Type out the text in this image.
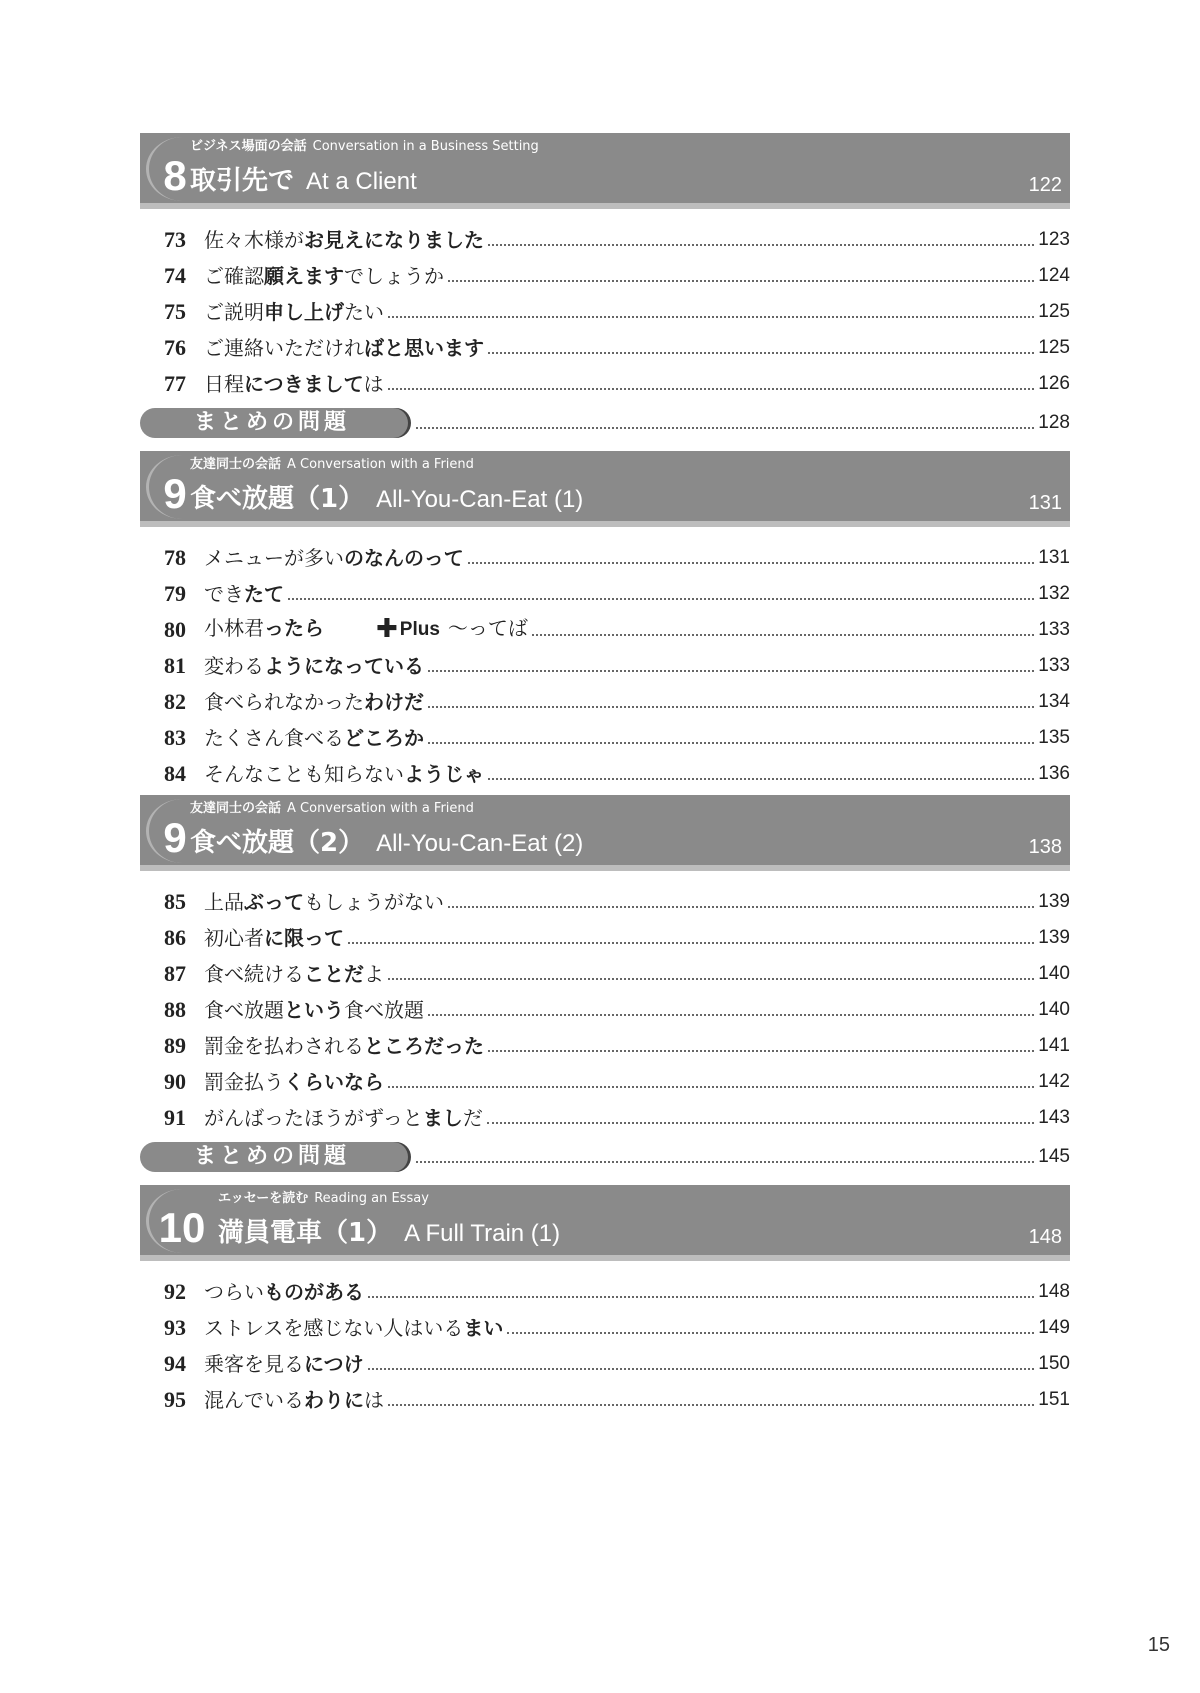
8
ビジネス場面の会話 Conversation in a Business Setting
取引先で At a Client	122
73 佐々木様がお見えになりました	123
74 ご確認願えますでしょうか	124
75 ご説明申し上げたい	125
76 ご連絡いただければと思います	125
77 日程につきましては	126
まとめの問題	128
9
友達同士の会話 A Conversation with a Friend
食べ放題（1） All-You-Can-Eat (1)	131
78 メニューが多いのなんのって	131
79 できたて	132
80 小林君ったら ✚ Plus ～ってば	133
81 変わるようになっている	133
82 食べられなかったわけだ	134
83 たくさん食べるどころか	135
84 そんなことも知らないようじゃ	136
9
友達同士の会話 A Conversation with a Friend
食べ放題（2） All-You-Can-Eat (2)	138
85 上品ぶってもしょうがない	139
86 初心者に限って	139
87 食べ続けることだよ	140
88 食べ放題という食べ放題	140
89 罰金を払わされるところだった	141
90 罰金払うくらいなら	142
91 がんばったほうがずっとましだ	143
まとめの問題	145
10
エッセーを読む Reading an Essay
満員電車（1） A Full Train (1)	148
92 つらいものがある	148
93 ストレスを感じない人はいるまい	149
94 乗客を見るにつけ	150
95 混んでいるわりには	151
15
